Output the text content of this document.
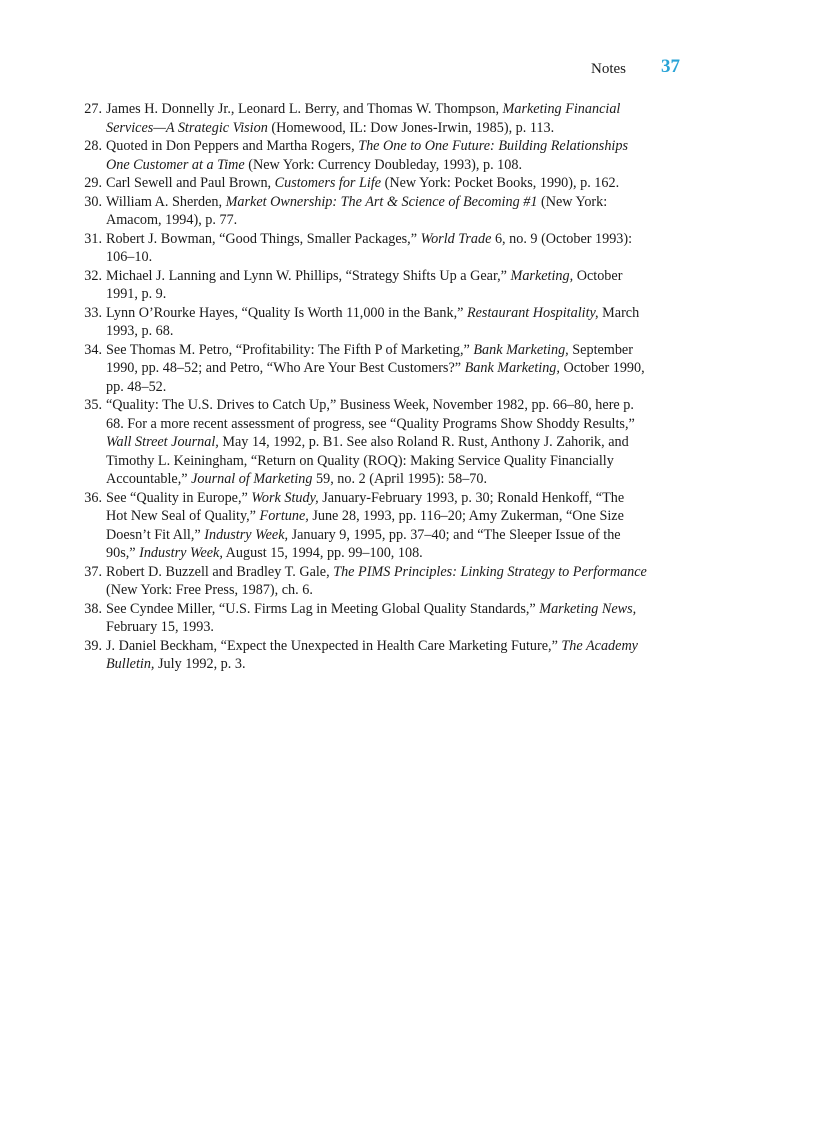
Notes 37
27. James H. Donnelly Jr., Leonard L. Berry, and Thomas W. Thompson, Marketing Financial Services—A Strategic Vision (Homewood, IL: Dow Jones-Irwin, 1985), p. 113.
28. Quoted in Don Peppers and Martha Rogers, The One to One Future: Building Relationships One Customer at a Time (New York: Currency Doubleday, 1993), p. 108.
29. Carl Sewell and Paul Brown, Customers for Life (New York: Pocket Books, 1990), p. 162.
30. William A. Sherden, Market Ownership: The Art & Science of Becoming #1 (New York: Amacom, 1994), p. 77.
31. Robert J. Bowman, “Good Things, Smaller Packages,” World Trade 6, no. 9 (October 1993): 106–10.
32. Michael J. Lanning and Lynn W. Phillips, “Strategy Shifts Up a Gear,” Marketing, October 1991, p. 9.
33. Lynn O’Rourke Hayes, “Quality Is Worth 11,000 in the Bank,” Restaurant Hospitality, March 1993, p. 68.
34. See Thomas M. Petro, “Profitability: The Fifth P of Marketing,” Bank Marketing, September 1990, pp. 48–52; and Petro, “Who Are Your Best Customers?” Bank Marketing, October 1990, pp. 48–52.
35. “Quality: The U.S. Drives to Catch Up,” Business Week, November 1982, pp. 66–80, here p. 68. For a more recent assessment of progress, see “Quality Programs Show Shoddy Results,” Wall Street Journal, May 14, 1992, p. B1. See also Roland R. Rust, Anthony J. Zahorik, and Timothy L. Keiningham, “Return on Quality (ROQ): Making Service Quality Financially Accountable,” Journal of Marketing 59, no. 2 (April 1995): 58–70.
36. See “Quality in Europe,” Work Study, January-February 1993, p. 30; Ronald Henkoff, “The Hot New Seal of Quality,” Fortune, June 28, 1993, pp. 116–20; Amy Zukerman, “One Size Doesn’t Fit All,” Industry Week, January 9, 1995, pp. 37–40; and “The Sleeper Issue of the 90s,” Industry Week, August 15, 1994, pp. 99–100, 108.
37. Robert D. Buzzell and Bradley T. Gale, The PIMS Principles: Linking Strategy to Performance (New York: Free Press, 1987), ch. 6.
38. See Cyndee Miller, “U.S. Firms Lag in Meeting Global Quality Standards,” Marketing News, February 15, 1993.
39. J. Daniel Beckham, “Expect the Unexpected in Health Care Marketing Future,” The Academy Bulletin, July 1992, p. 3.
